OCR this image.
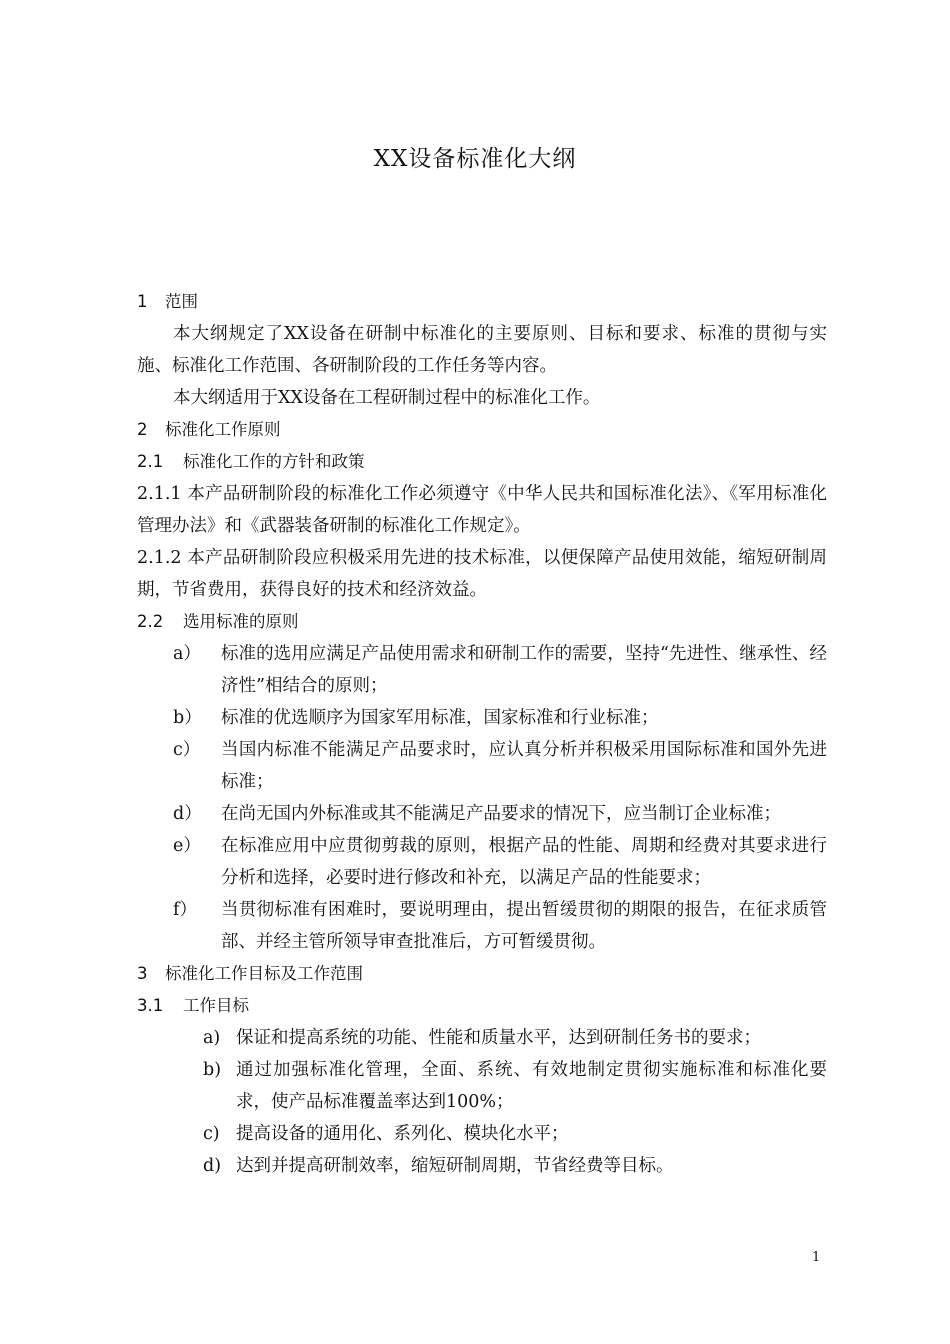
XX设备标准化大纲
1 范围
本大纲规定了XX设备在研制中标准化的主要原则、目标和要求、标准的贯彻与实施、标准化工作范围、各研制阶段的工作任务等内容。
本大纲适用于XX设备在工程研制过程中的标准化工作。
2 标准化工作原则
2.1 标准化工作的方针和政策
2.1.1 本产品研制阶段的标准化工作必须遵守《中华人民共和国标准化法》、《军用标准化管理办法》和《武器装备研制的标准化工作规定》。
2.1.2 本产品研制阶段应积极采用先进的技术标准，以便保障产品使用效能，缩短研制周期，节省费用，获得良好的技术和经济效益。
2.2 选用标准的原则
a） 标准的选用应满足产品使用需求和研制工作的需要，坚持“先进性、继承性、经济性”相结合的原则；
b） 标准的优选顺序为国家军用标准，国家标准和行业标准；
c） 当国内标准不能满足产品要求时，应认真分析并积极采用国际标准和国外先进标准；
d） 在尚无国内外标准或其不能满足产品要求的情况下，应当制订企业标准；
e） 在标准应用中应贯彻剪裁的原则，根据产品的性能、周期和经费对其要求进行分析和选择，必要时进行修改和补充，以满足产品的性能要求；
f） 当贯彻标准有困难时，要说明理由，提出暂缓贯彻的期限的报告，在征求质管部、并经主管所领导审查批准后，方可暂缓贯彻。
3 标准化工作目标及工作范围
3.1 工作目标
a) 保证和提高系统的功能、性能和质量水平，达到研制任务书的要求；
b) 通过加强标准化管理，全面、系统、有效地制定贯彻实施标准和标准化要求，使产品标准覆盖率达到100%；
c) 提高设备的通用化、系列化、模块化水平；
d) 达到并提高研制效率，缩短研制周期，节省经费等目标。
1
